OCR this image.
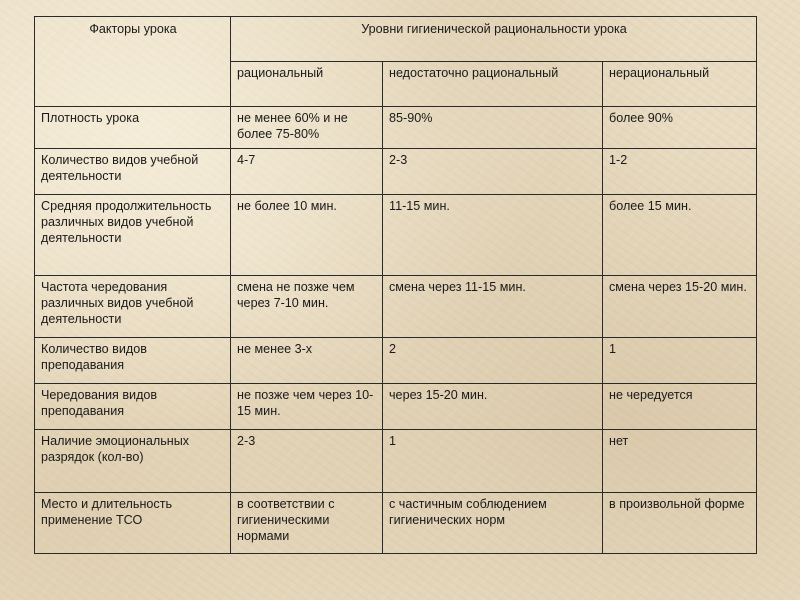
Факторы урока	Уровни гигиенической рациональности урока		
	рациональный	недостаточно рациональный	нерациональный
Плотность урока	не менее 60% и не более 75-80%	85-90%	более 90%
Количество видов учебной деятельности	4-7	2-3	1-2
Средняя продолжительность различных видов учебной деятельности	не более 10 мин.	11-15 мин.	более 15 мин.
Частота чередования различных видов учебной деятельности	смена не позже чем через 7-10 мин.	смена через 11-15 мин.	смена через 15-20 мин.
Количество видов преподавания	не менее 3-х	2	1
Чередования видов преподавания	не позже чем через 10-15 мин.	через 15-20 мин.	не чередуется
Наличие эмоциональных разрядок (кол-во)	2-3	1	нет
Место и длительность применение ТСО	в соответствии с гигиеническими нормами	с частичным соблюдением гигиенических норм	в произвольной форме
